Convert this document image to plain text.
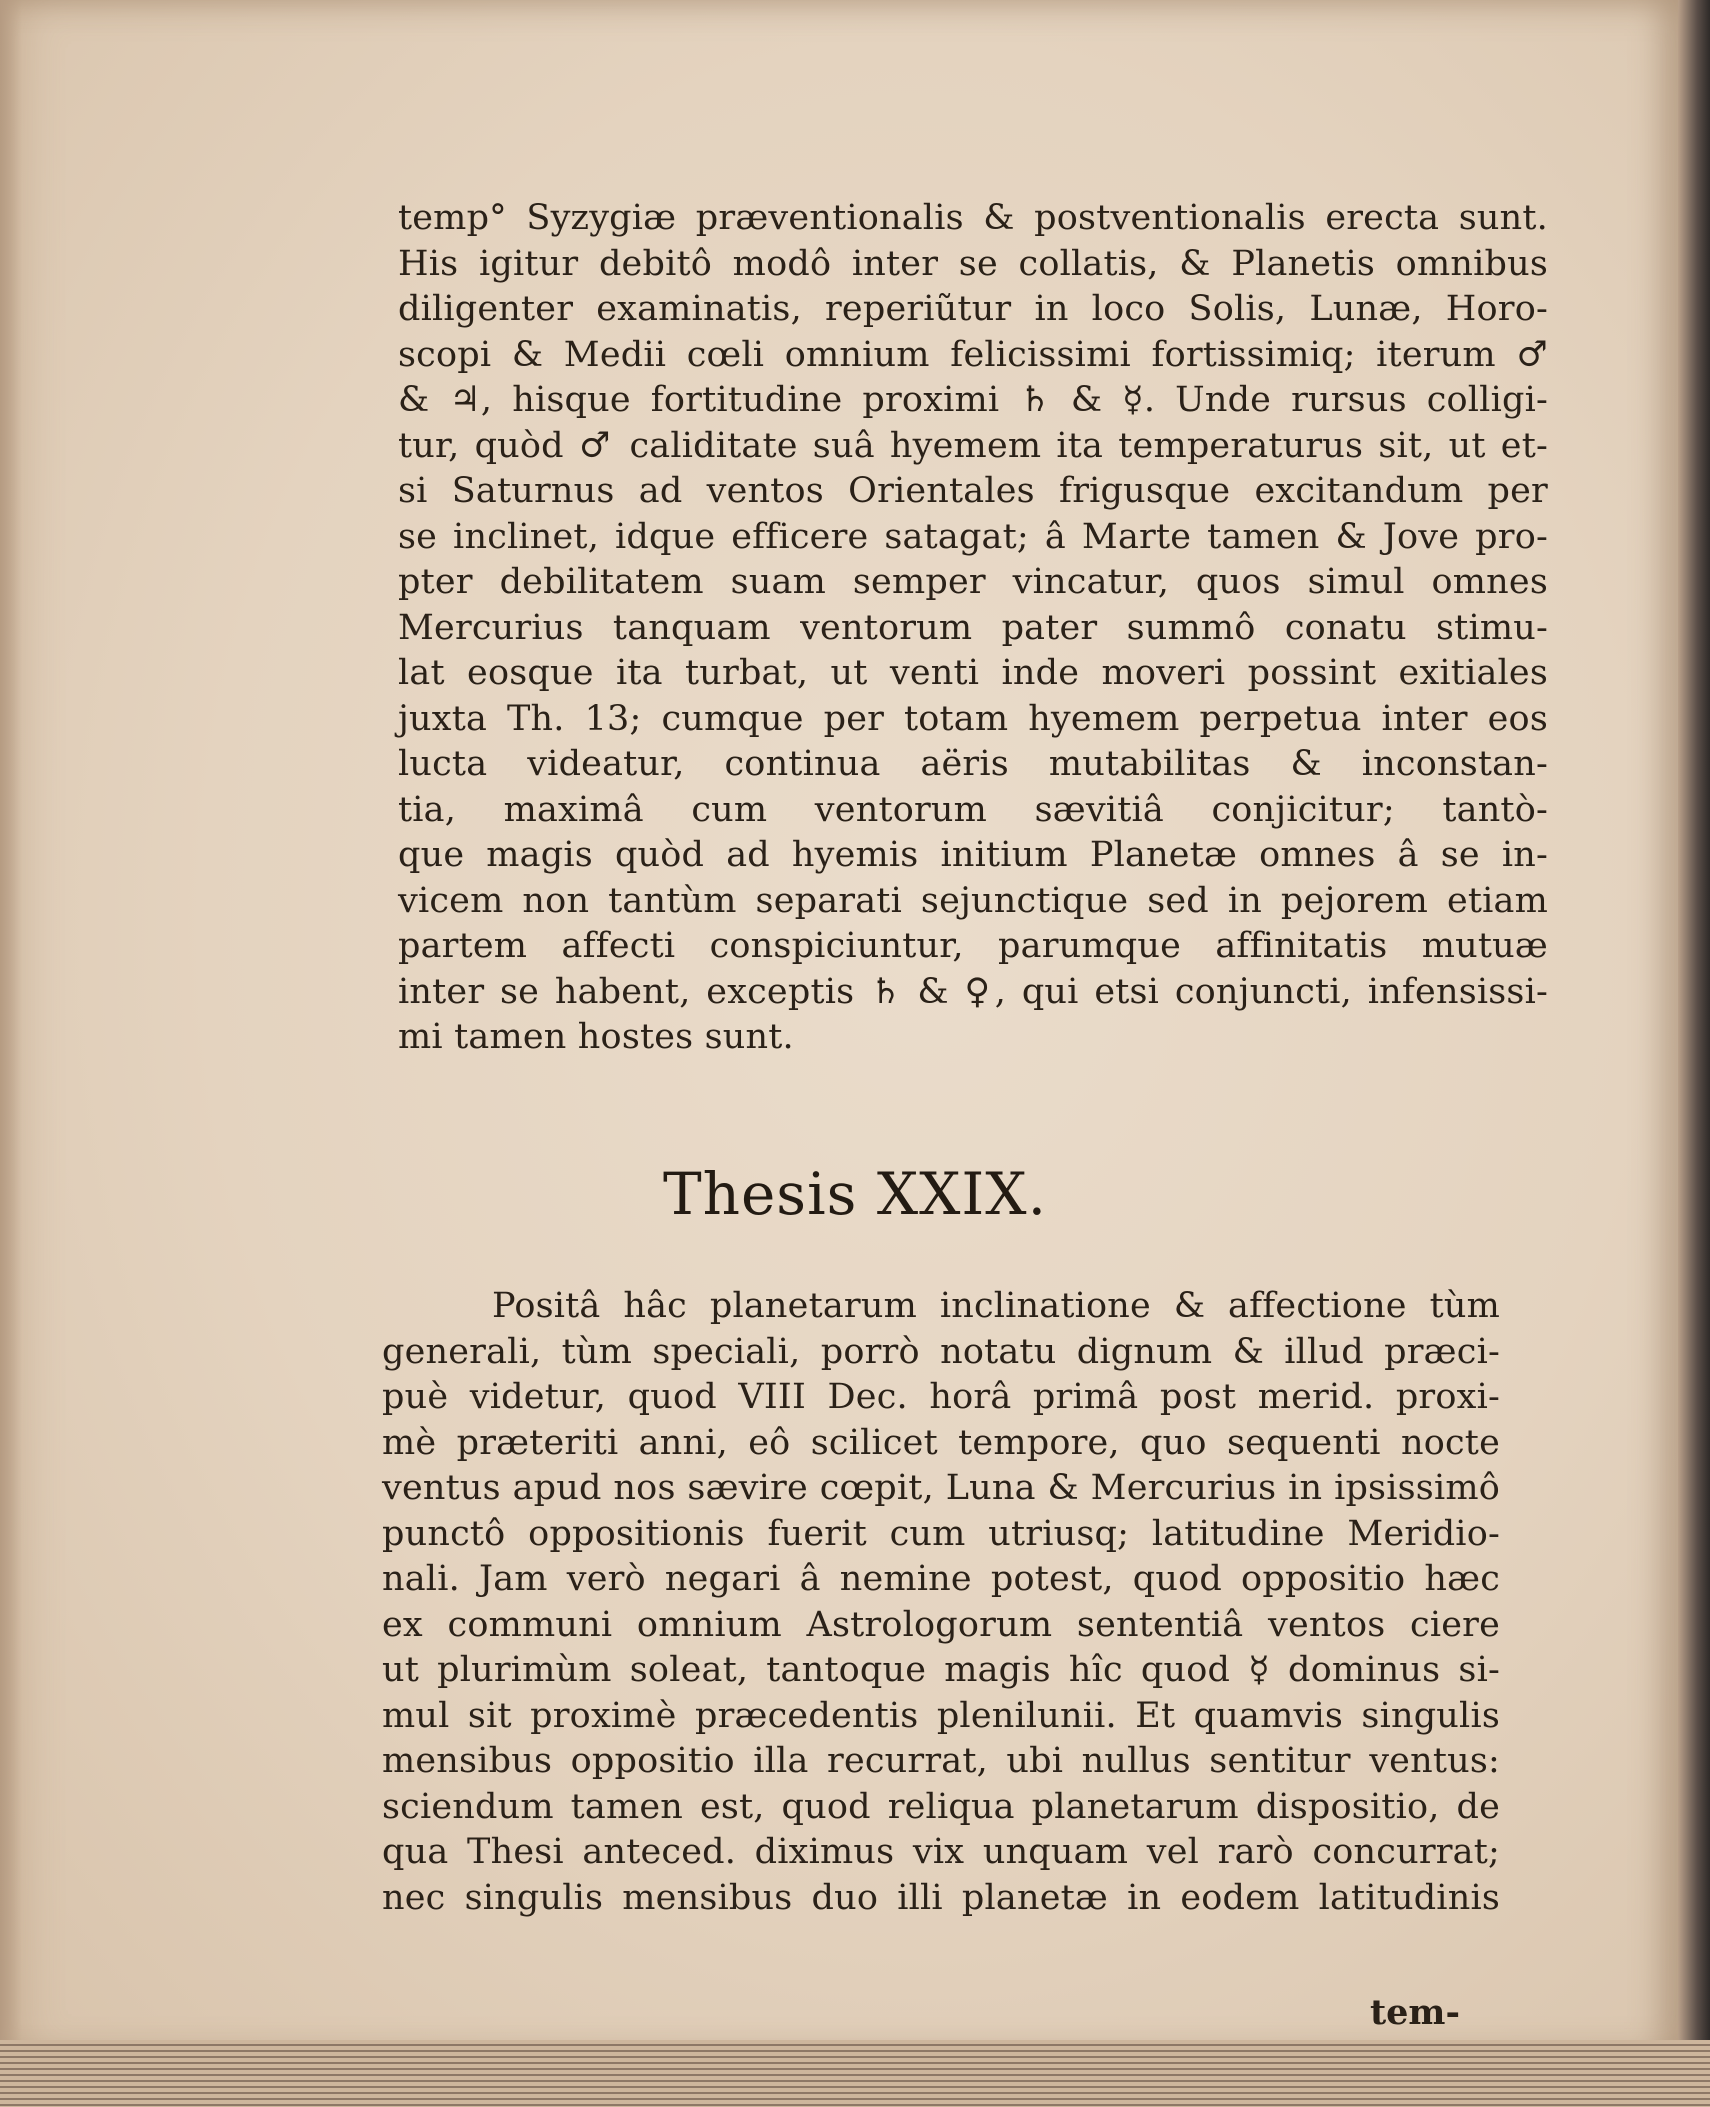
temp° Syzygiæ præventionalis & postventionalis erecta sunt.
His igitur debitô modô inter se collatis, & Planetis omnibus
diligenter examinatis, reperiũtur in loco Solis, Lunæ, Horo-
scopi & Medii cœli omnium felicissimi fortissimiq; iterum ♂
& ♃, hisque fortitudine proximi ♄ & ☿. Unde rursus colligi-
tur, quòd ♂ caliditate suâ hyemem ita temperaturus sit, ut et-
si Saturnus ad ventos Orientales frigusque excitandum per
se inclinet, idque efficere satagat; â Marte tamen & Jove pro-
pter debilitatem suam semper vincatur, quos simul omnes
Mercurius tanquam ventorum pater summô conatu stimu-
lat eosque ita turbat, ut venti inde moveri possint exitiales
juxta Th. 13; cumque per totam hyemem perpetua inter eos
lucta videatur, continua aëris mutabilitas & inconstan-
tia, maximâ cum ventorum sævitiâ conjicitur; tantò-
que magis quòd ad hyemis initium Planetæ omnes â se in-
vicem non tantùm separati sejunctique sed in pejorem etiam
partem affecti conspiciuntur, parumque affinitatis mutuæ
inter se habent, exceptis ♄ & ♀, qui etsi conjuncti, infensissi-
mi tamen hostes sunt.
Thesis XXIX.
Positâ hâc planetarum inclinatione & affectione tùm
generali, tùm speciali, porrò notatu dignum & illud præci-
puè videtur, quod VIII Dec. horâ primâ post merid. proxi-
mè præteriti anni, eô scilicet tempore, quo sequenti nocte
ventus apud nos sævire cœpit, Luna & Mercurius in ipsissimô
punctô oppositionis fuerit cum utriusq; latitudine Meridio-
nali. Jam verò negari â nemine potest, quod oppositio hæc
ex communi omnium Astrologorum sententiâ ventos ciere
ut plurimùm soleat, tantoque magis hîc quod ☿ dominus si-
mul sit proximè præcedentis plenilunii. Et quamvis singulis
mensibus oppositio illa recurrat, ubi nullus sentitur ventus:
sciendum tamen est, quod reliqua planetarum dispositio, de
qua Thesi anteced. diximus vix unquam vel rarò concurrat;
nec singulis mensibus duo illi planetæ in eodem latitudinis
tem-
